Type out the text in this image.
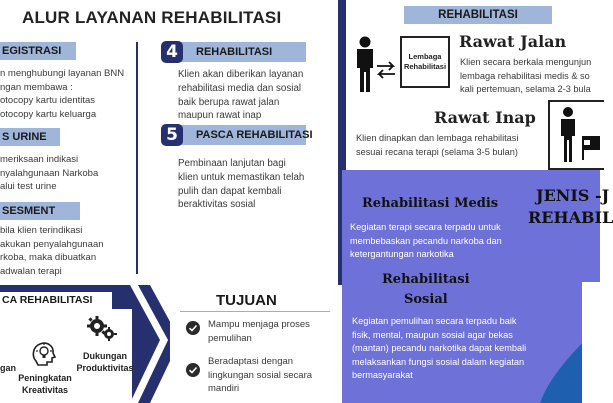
ALUR LAYANAN REHABILITASI
EGISTRASI
n menghubungi layanan BNN
ngan membawa :
otocopy kartu identitas
otocopy kartu keluarga
S URINE
meriksaan indikasi
nyalahgunaan Narkoba
alui test urine
SESMENT
bila klien terindikasi
akukan penyalahgunaan
rkoba, maka dibuatkan
adwalan terapi
REHABILITASI
4
Klien akan diberikan layanan
rehabilitasi media dan sosial
baik berupa rawat jalan
maupun rawat inap
PASCA REHABILITASI
5
Pembinaan lanjutan bagi
klien untuk memastikan telah
pulih dan dapat kembali
beraktivitas sosial
CA REHABILITASI
gan
Peningkatan Kreativitas
Dukungan Produktivitas
TUJUAN
Mampu menjaga proses
pemulihan
Beradaptasi dengan
lingkungan sosial secara
mandiri
REHABILITASI
Lembaga Rehabilitasi
Rawat Jalan
Klien secara berkala mengunjun
lembaga rehabilitasi medis & so
kali pertemuan, selama 2-3 bula
Rawat Inap
Klien dinapkan dan lembaga rehabilitasi
sesuai recana terapi (selama 3-5 bulan)
JENIS -J
REHABIL
Rehabilitasi Medis
Kegiatan terapi secara terpadu untuk
membebaskan pecandu narkoba dan
ketergantungan narkotika
Rehabilitasi
Sosial
Kegiatan pemulihan secara terpadu baik
fisik, mental, maupun sosial agar bekas
(mantan) pecandu narkotika dapat kembali
melaksankan fungsi sosial dalam kegiatan
bermasyarakat
